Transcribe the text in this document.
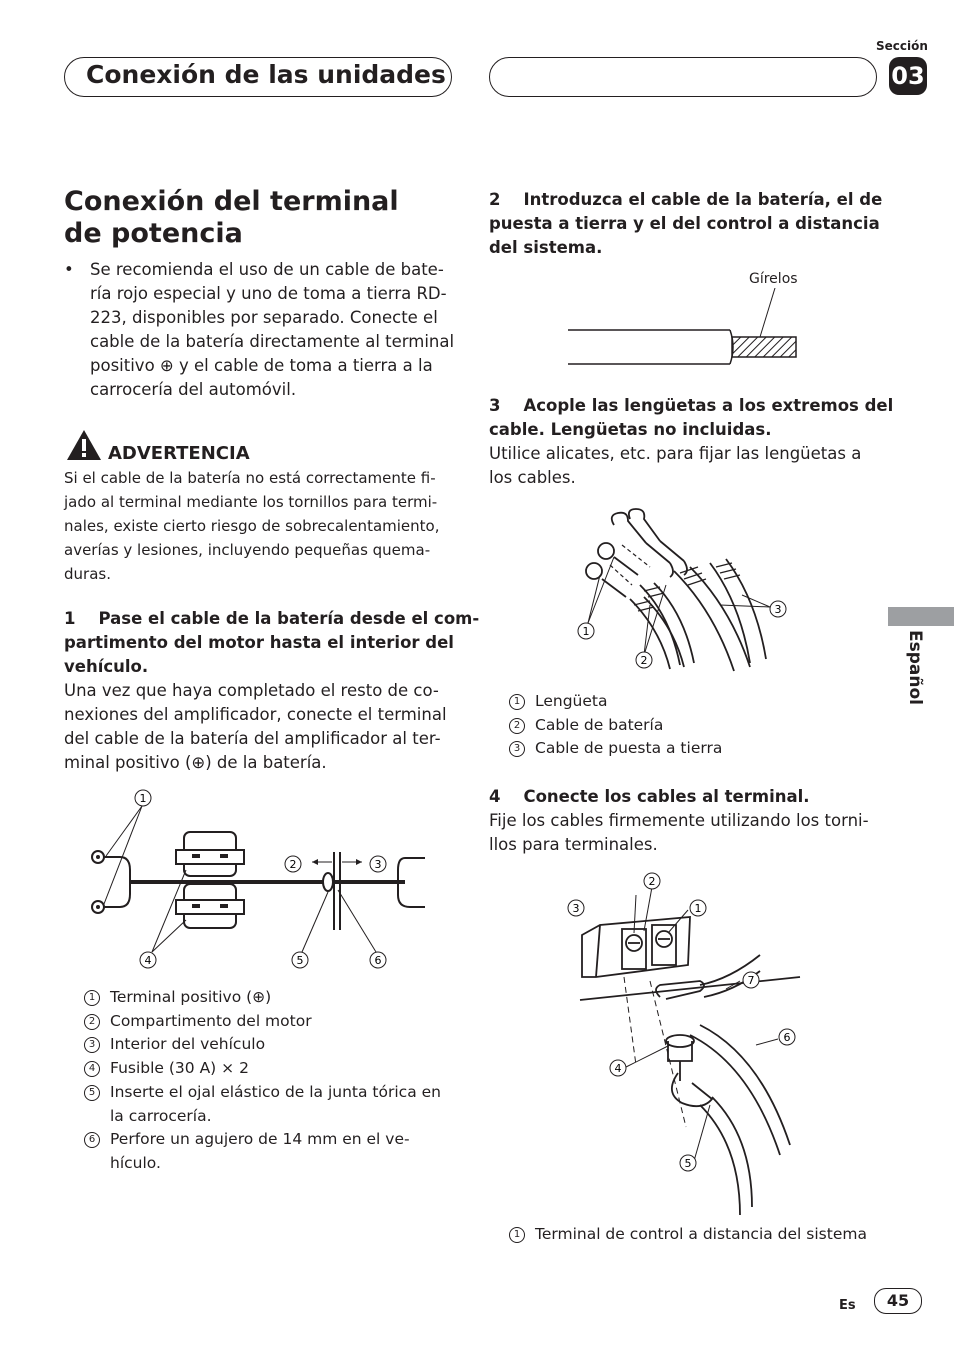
Conexión de las unidades
Sección
03
Español
Conexión del terminal de potencia
• Se recomienda el uso de un cable de bate-
ría rojo especial y uno de toma a tierra RD-
223, disponibles por separado. Conecte el
cable de la batería directamente al terminal
positivo ⊕ y el cable de toma a tierra a la
carrocería del automóvil.
ADVERTENCIA
Si el cable de la batería no está correctamente fi-
jado al terminal mediante los tornillos para termi-
nales, existe cierto riesgo de sobrecalentamiento,
averías y lesiones, incluyendo pequeñas quema-
duras.
1    Pase el cable de la batería desde el com-
partimento del motor hasta el interior del
vehículo.
Una vez que haya completado el resto de co-
nexiones del amplificador, conecte el terminal
del cable de la batería del amplificador al ter-
minal positivo (⊕) de la batería.
1
2	3
4	5	6
1 Terminal positivo (⊕)
2 Compartimento del motor
3 Interior del vehículo
4 Fusible (30 A) × 2
5 Inserte el ojal elástico de la junta tórica en
la carrocería.
6 Perfore un agujero de 14 mm en el ve-
hículo.
2    Introduzca el cable de la batería, el de
puesta a tierra y el del control a distancia
del sistema.
Gírelos
3    Acople las lengüetas a los extremos del
cable. Lengüetas no incluidas.
Utilice alicates, etc. para fijar las lengüetas a
los cables.
1
2
3
1 Lengüeta
2 Cable de batería
3 Cable de puesta a tierra
4    Conecte los cables al terminal.
Fije los cables firmemente utilizando los torni-
llos para terminales.
2
3	1
7
6
4
5
1 Terminal de control a distancia del sistema
Es	45
